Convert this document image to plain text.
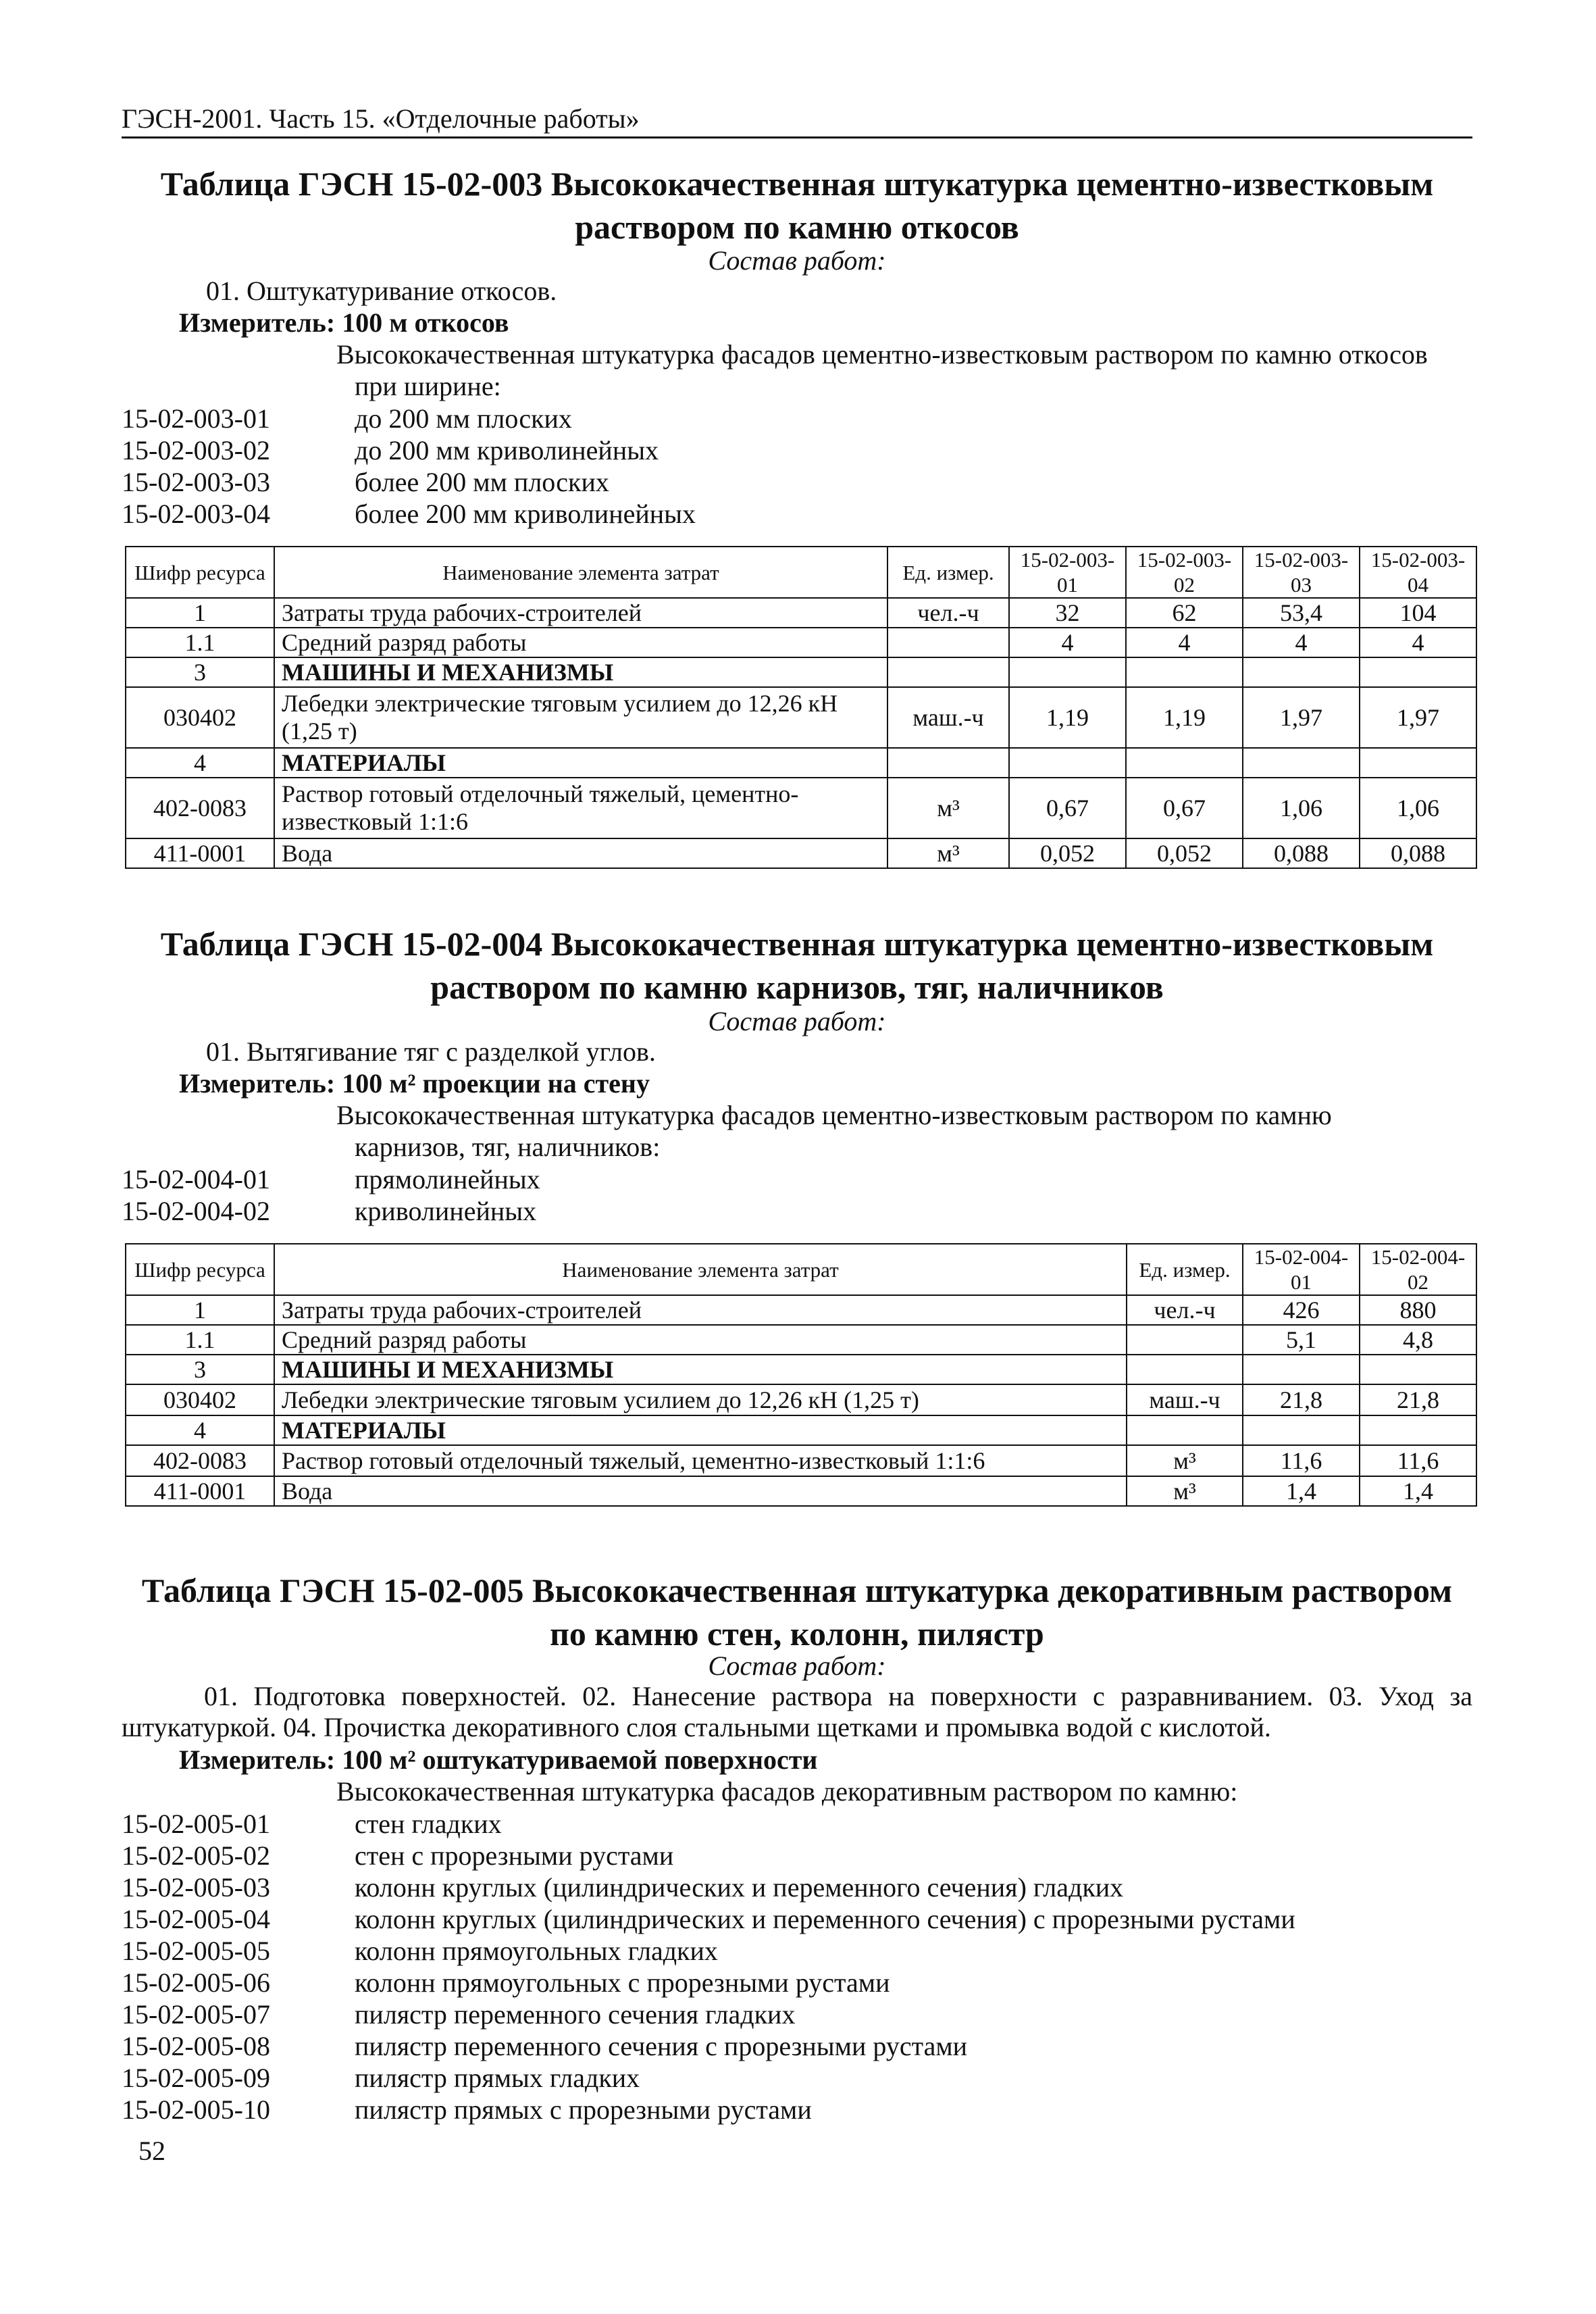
ГЭСН-2001. Часть 15. «Отделочные работы»
Таблица ГЭСН 15-02-003 Высококачественная штукатурка цементно-известковым
раствором по камню откосов
Состав работ:
01. Оштукатуривание откосов.
Измеритель: 100 м откосов
Высококачественная штукатурка фасадов цементно-известковым раствором по камню откосов
при ширине:
15-02-003-01	до 200 мм плоских
15-02-003-02	до 200 мм криволинейных
15-02-003-03	более 200 мм плоских
15-02-003-04	более 200 мм криволинейных
Шифр ресурса	Наименование элемента затрат	Ед. измер.	15-02-003-01	15-02-003-02	15-02-003-03	15-02-003-04
1	Затраты труда рабочих-строителей	чел.-ч	32	62	53,4	104
1.1	Средний разряд работы		4	4	4	4
3	МАШИНЫ И МЕХАНИЗМЫ					
030402	Лебедки электрические тяговым усилием до 12,26 кН (1,25 т)	маш.-ч	1,19	1,19	1,97	1,97
4	МАТЕРИАЛЫ					
402-0083	Раствор готовый отделочный тяжелый, цементно-известковый 1:1:6	м³	0,67	0,67	1,06	1,06
411-0001	Вода	м³	0,052	0,052	0,088	0,088
Таблица ГЭСН 15-02-004 Высококачественная штукатурка цементно-известковым
раствором по камню карнизов, тяг, наличников
Состав работ:
01. Вытягивание тяг с разделкой углов.
Измеритель: 100 м² проекции на стену
Высококачественная штукатурка фасадов цементно-известковым раствором по камню
карнизов, тяг, наличников:
15-02-004-01	прямолинейных
15-02-004-02	криволинейных
Шифр ресурса	Наименование элемента затрат	Ед. измер.	15-02-004-01	15-02-004-02
1	Затраты труда рабочих-строителей	чел.-ч	426	880
1.1	Средний разряд работы		5,1	4,8
3	МАШИНЫ И МЕХАНИЗМЫ			
030402	Лебедки электрические тяговым усилием до 12,26 кН (1,25 т)	маш.-ч	21,8	21,8
4	МАТЕРИАЛЫ			
402-0083	Раствор готовый отделочный тяжелый, цементно-известковый 1:1:6	м³	11,6	11,6
411-0001	Вода	м³	1,4	1,4
Таблица ГЭСН 15-02-005 Высококачественная штукатурка декоративным раствором
по камню стен, колонн, пилястр
Состав работ:
01. Подготовка поверхностей. 02. Нанесение раствора на поверхности с разравниванием. 03. Уход за штукатуркой. 04. Прочистка декоративного слоя стальными щетками и промывка водой с кислотой.
Измеритель: 100 м² оштукатуриваемой поверхности
Высококачественная штукатурка фасадов декоративным раствором по камню:
15-02-005-01	стен гладких
15-02-005-02	стен с прорезными рустами
15-02-005-03	колонн круглых (цилиндрических и переменного сечения) гладких
15-02-005-04	колонн круглых (цилиндрических и переменного сечения) с прорезными рустами
15-02-005-05	колонн прямоугольных гладких
15-02-005-06	колонн прямоугольных с прорезными рустами
15-02-005-07	пилястр переменного сечения гладких
15-02-005-08	пилястр переменного сечения с прорезными рустами
15-02-005-09	пилястр прямых гладких
15-02-005-10	пилястр прямых с прорезными рустами
52
